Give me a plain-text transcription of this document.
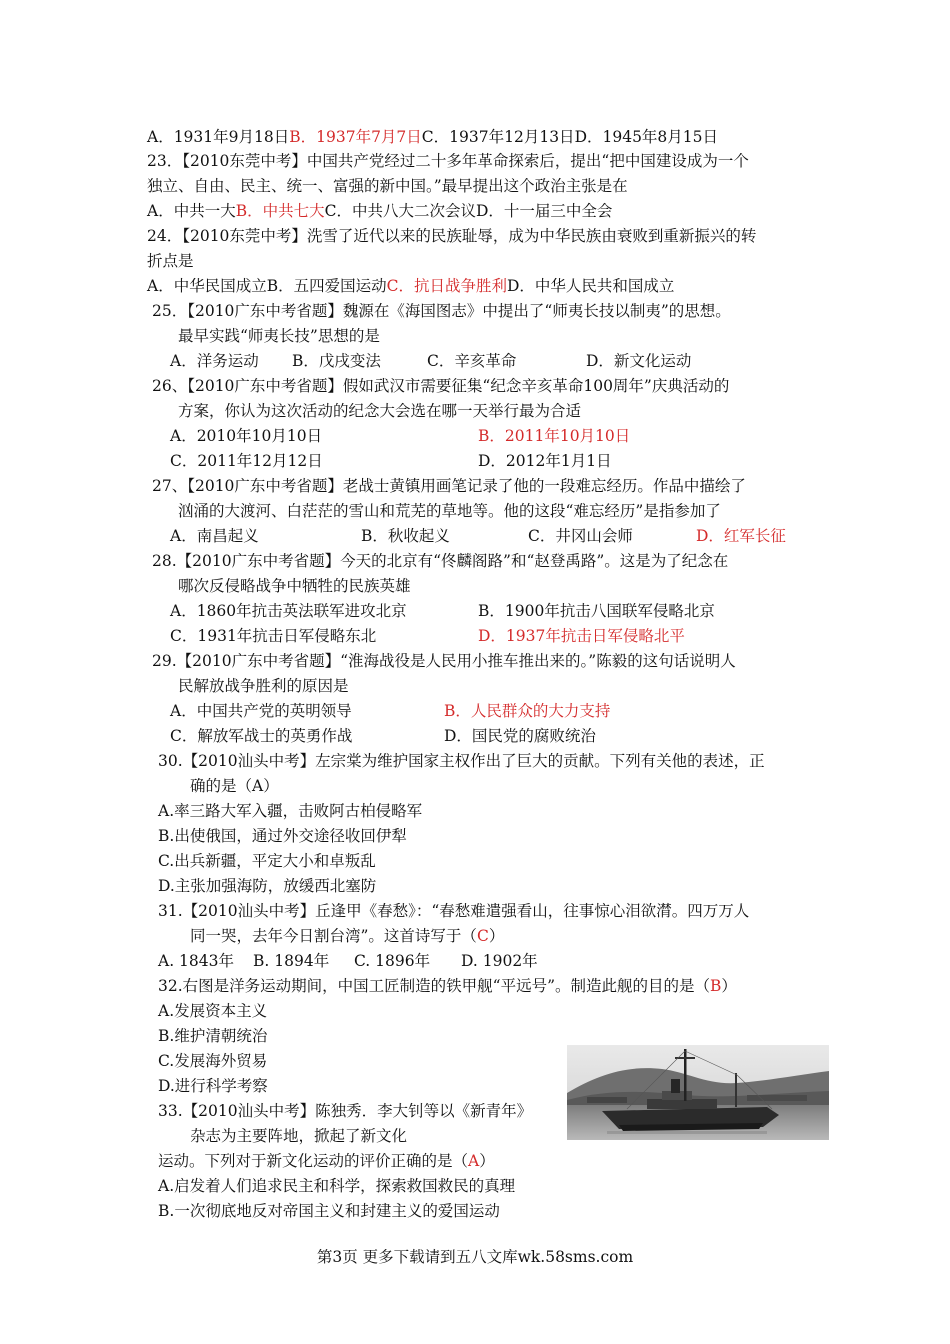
A．1931年9月18日B．1937年7月7日C．1937年12月13日D．1945年8月15日
23．【2010东莞中考】中国共产党经过二十多年革命探索后，提出“把中国建设成为一个
独立、自由、民主、统一、富强的新中国。”最早提出这个政治主张是在
A．中共一大B．中共七大C．中共八大二次会议D．十一届三中全会
24．【2010东莞中考】洗雪了近代以来的民族耻辱，成为中华民族由衰败到重新振兴的转
折点是
A．中华民国成立B．五四爱国运动C．抗日战争胜利D．中华人民共和国成立
25．【2010广东中考省题】魏源在《海国图志》中提出了“师夷长技以制夷”的思想。
最早实践“师夷长技”思想的是
A．洋务运动 B．戊戌变法	C．辛亥革命	D．新文化运动
26、【2010广东中考省题】假如武汉市需要征集“纪念辛亥革命100周年”庆典活动的
方案，你认为这次活动的纪念大会选在哪一天举行最为合适
A．2010年10月10日	B．2011年10月10日
C．2011年12月12日	D．2012年1月1日
27、【2010广东中考省题】老战士黄镇用画笔记录了他的一段难忘经历。作品中描绘了
汹涌的大渡河、白茫茫的雪山和荒芜的草地等。他的这段“难忘经历”是指参加了
A．南昌起义	B．秋收起义	C．井冈山会师	D．红军长征
28.【2010广东中考省题】今天的北京有“佟麟阁路”和“赵登禹路”。这是为了纪念在
哪次反侵略战争中牺牲的民族英雄
A．1860年抗击英法联军进攻北京	B．1900年抗击八国联军侵略北京
C．1931年抗击日军侵略东北	D．1937年抗击日军侵略北平
29.【2010广东中考省题】“淮海战役是人民用小推车推出来的。”陈毅的这句话说明人
民解放战争胜利的原因是
A．中国共产党的英明领导	B．人民群众的大力支持
C．解放军战士的英勇作战	D．国民党的腐败统治
30.【2010汕头中考】左宗棠为维护国家主权作出了巨大的贡献。下列有关他的表述，正
确的是（A）
A.率三路大军入疆，击败阿古柏侵略军
B.出使俄国，通过外交途径收回伊犁
C.出兵新疆，平定大小和卓叛乱
D.主张加强海防，放缓西北塞防
31.【2010汕头中考】丘逢甲《春愁》：“春愁难遣强看山，往事惊心泪欲潸。四万万人
同一哭，去年今日割台湾”。这首诗写于（C）
A. 1843年 B. 1894年 C. 1896年 D. 1902年
32.右图是洋务运动期间，中国工匠制造的铁甲舰“平远号”。制造此舰的目的是（B）
A.发展资本主义
B.维护清朝统治
C.发展海外贸易
D.进行科学考察
33.【2010汕头中考】陈独秀．李大钊等以《新青年》
杂志为主要阵地，掀起了新文化
运动。下列对于新文化运动的评价正确的是（A）
A.启发着人们追求民主和科学，探索救国救民的真理
B.一次彻底地反对帝国主义和封建主义的爱国运动
第3页 更多下载请到五八文库wk.58sms.com
